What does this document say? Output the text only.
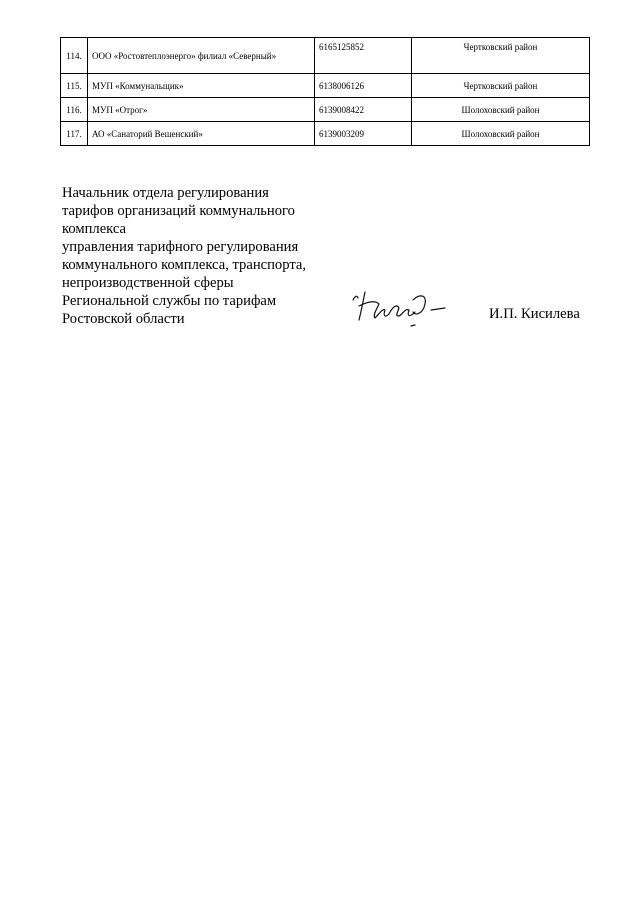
114.	ООО «Ростовтеплоэнерго» филиал «Северный»	6165125852	Чертковский район
115.	МУП «Коммунальщик»	6138006126	Чертковский район
116.	МУП «Отрог»	6139008422	Шолоховский район
117.	АО «Санаторий Вешенский»	6139003209	Шолоховский район
Начальник отдела регулирования
тарифов организаций коммунального
комплекса
управления тарифного регулирования
коммунального комплекса, транспорта,
непроизводственной сферы
Региональной службы по тарифам
Ростовской области	И.П. Кисилева
